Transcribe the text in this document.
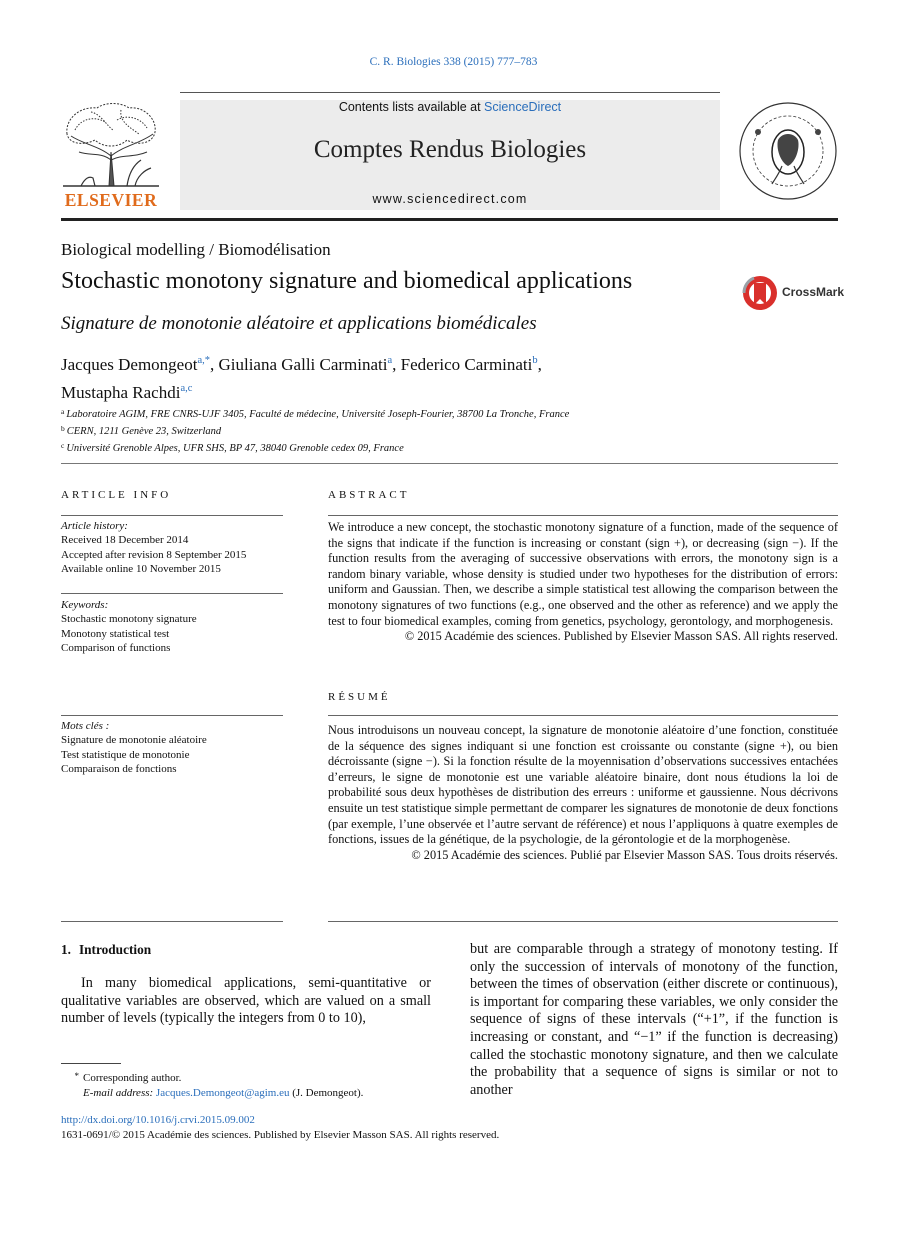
C. R. Biologies 338 (2015) 777–783
Contents lists available at ScienceDirect
Comptes Rendus Biologies
www.sciencedirect.com
ELSEVIER
Biological modelling / Biomodélisation
Stochastic monotony signature and biomedical applications	CrossMark
Signature de monotonie aléatoire et applications biomédicales
Jacques Demongeot$^{a,*}$, Giuliana Galli Carminati$^a$, Federico Carminati$^b$,
Mustapha Rachdi$^{a,c}$
$^a$ Laboratoire AGIM, FRE CNRS-UJF 3405, Faculté de médecine, Université Joseph-Fourier, 38700 La Tronche, France
$^b$ CERN, 1211 Genève 23, Switzerland
$^c$ Université Grenoble Alpes, UFR SHS, BP 47, 38040 Grenoble cedex 09, France
ARTICLE INFO
Article history:
Received 18 December 2014
Accepted after revision 8 September 2015
Available online 10 November 2015
Keywords:
Stochastic monotony signature
Monotony statistical test
Comparison of functions
Mots clés :
Signature de monotonie aléatoire
Test statistique de monotonie
Comparaison de fonctions
ABSTRACT
We introduce a new concept, the stochastic monotony signature of a function, made of the sequence of the signs that indicate if the function is increasing or constant (sign +), or decreasing (sign −). If the function results from the averaging of successive observations with errors, the monotony sign is a random binary variable, whose density is studied under two hypotheses for the distribution of errors: uniform and Gaussian. Then, we describe a simple statistical test allowing the comparison between the monotony signatures of two functions (e.g., one observed and the other as reference) and we apply the test to four biomedical examples, coming from genetics, psychology, gerontology, and morphogenesis.
© 2015 Académie des sciences. Published by Elsevier Masson SAS. All rights reserved.
RÉSUMÉ
Nous introduisons un nouveau concept, la signature de monotonie aléatoire d’une fonction, constituée de la séquence des signes indiquant si une fonction est croissante ou constante (signe +), ou bien décroissante (signe −). Si la fonction résulte de la moyennisation d’observations successives entachées d’erreurs, le signe de monotonie est une variable aléatoire binaire, dont nous étudions la loi de probabilité sous deux hypothèses de distribution des erreurs : uniforme et gaussienne. Nous décrivons ensuite un test statistique simple permettant de comparer les signatures de monotonie de deux fonctions (par exemple, l’une observée et l’autre servant de référence) et nous l’appliquons à quatre exemples de fonctions, issues de la génétique, de la psychologie, de la gérontologie et de la morphogenèse.
© 2015 Académie des sciences. Publié par Elsevier Masson SAS. Tous droits réservés.
1. Introduction
In many biomedical applications, semi-quantitative or qualitative variables are observed, which are valued on a small number of levels (typically the integers from 0 to 10),
but are comparable through a strategy of monotony testing. If only the succession of intervals of monotony of the function, between the times of observation (either discrete or continuous), is important for comparing these variables, we only consider the sequence of signs of these intervals (“+1”, if the function is increasing or constant, and “−1” if the function is decreasing) called the stochastic monotony signature, and then we calculate the probability that a sequence of signs is similar or not to another
* Corresponding author.
E-mail address: Jacques.Demongeot@agim.eu (J. Demongeot).
http://dx.doi.org/10.1016/j.crvi.2015.09.002
1631-0691/© 2015 Académie des sciences. Published by Elsevier Masson SAS. All rights reserved.
